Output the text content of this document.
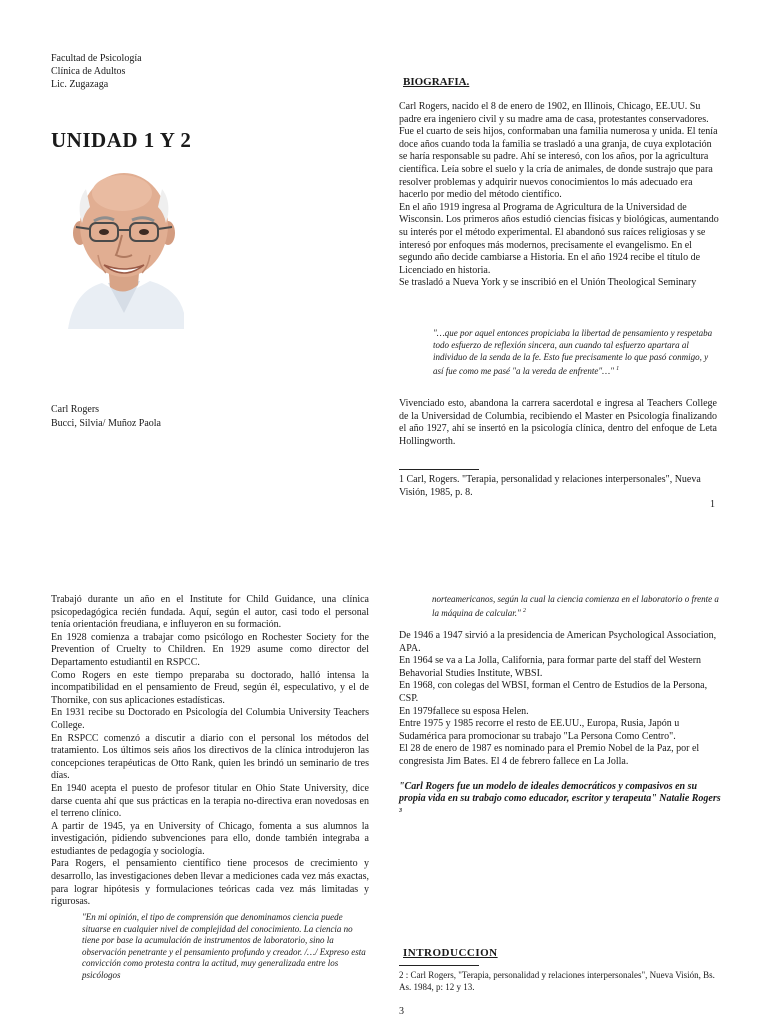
Facultad de Psicología
Clínica de Adultos
Lic. Zugazaga
UNIDAD 1 Y 2
Carl Rogers
Bucci, Silvia/ Muñoz Paola
BIOGRAFIA.

Carl Rogers, nacido el 8 de enero de 1902, en Illinois, Chicago, EE.UU. Su padre era ingeniero civil y su madre ama de casa, protestantes conservadores. Fue el cuarto de seis hijos, conformaban una familia numerosa y unida. El tenía doce años cuando toda la familia se trasladó a una granja, de cuya explotación se haría responsable su padre. Ahí se interesó, con los años, por la agricultura científica. Leía sobre el suelo y la cría de animales, de donde sustrajo que para resolver problemas y adquirir nuevos conocimientos lo más adecuado era hacerlo por medio del método científico.

En el año 1919 ingresa al Programa de Agricultura de la Universidad de Wisconsin. Los primeros años estudió ciencias físicas y biológicas, aumentando su interés por el método experimental. El abandonó sus raíces religiosas y se interesó por enfoques más modernos, precisamente el evangelismo. En el segundo año decide cambiarse a Historia. En el año 1924 recibe el título de Licenciado en historia.

Se trasladó a Nueva York y se inscribió en el Unión Theological Seminary

"…que por aquel entonces propiciaba la libertad de pensamiento y respetaba todo esfuerzo de reflexión sincera, aun cuando tal esfuerzo apartara al individuo de la senda de la fe. Esto fue precisamente lo que pasó conmigo, y así fue como me pasé "a la vereda de enfrente"…" $^1$
Vivenciado esto, abandona la carrera sacerdotal e ingresa al Teachers College de la Universidad de Columbia, recibiendo el Master en Psicología finalizando el año 1927, ahí se insertó en la psicología clínica, dentro del enfoque de Leta Hollingworth.
1 Carl, Rogers. "Terapia, personalidad y relaciones interpersonales", Nueva Visión, 1985, p. 8.
1

Trabajó durante un año en el Institute for Child Guidance, una clínica psicopedagógica recién fundada. Aquí, según el autor, casi todo el personal tenía orientación freudiana, e influyeron en su formación.

En 1928 comienza a trabajar como psicólogo en Rochester Society for the Prevention of Cruelty to Children. En 1929 asume como director del Departamento estudiantil en RSPCC.

Como Rogers en este tiempo preparaba su doctorado, halló intensa la incompatibilidad en el pensamiento de Freud, según él, especulativo, y el de Thornike, con sus aplicaciones estadísticas.

En 1931 recibe su Doctorado en Psicología del Columbia University Teachers College.

En RSPCC comenzó a discutir a diario con el personal los métodos del tratamiento. Los últimos seis años los directivos de la clínica introdujeron las concepciones terapéuticas de Otto Rank, quien les brindó un seminario de tres días.

En 1940 acepta el puesto de profesor titular en Ohio State University, dice darse cuenta ahí que sus prácticas en la terapia no-directiva eran novedosas en el terreno clínico.

A partir de 1945, ya en University of Chicago, fomenta a sus alumnos la investigación, pidiendo subvenciones para ello, donde también integraba a estudiantes de pedagogía y sociología.

Para Rogers, el pensamiento científico tiene procesos de crecimiento y desarrollo, las investigaciones deben llevar a mediciones cada vez más exactas, para lograr hipótesis y formulaciones teóricas cada vez más limitadas y rigurosas.

"En mi opinión, el tipo de comprensión que denominamos ciencia puede situarse en cualquier nivel de complejidad del conocimiento. La ciencia no tiene por base la acumulación de instrumentos de laboratorio, sino la observación penetrante y el pensamiento profundo y creador. /…/ Expreso esta convicción como protesta contra la actitud, muy generalizada entre los psicólogos
norteamericanos, según la cual la ciencia comienza en el laboratorio o frente a la máquina de calcular." $^2$

De 1946 a 1947 sirvió a la presidencia de American Psychological Association, APA.

En 1964 se va a La Jolla, California, para formar parte del staff del Western Behavorial Studies Institute, WBSI.

En 1968, con colegas del WBSI, forman el Centro de Estudios de la Persona, CSP.

En 1979fallece su esposa Helen.

Entre 1975 y 1985 recorre el resto de EE.UU., Europa, Rusia, Japón u Sudamérica para promocionar su trabajo "La Persona Como Centro".

El 28 de enero de 1987 es nominado para el Premio Nobel de la Paz, por el congresista Jim Bates. El 4 de febrero fallece en La Jolla.

"Carl Rogers fue un modelo de ideales democráticos y compasivos en su propia vida en su trabajo como educador, escritor y terapeuta" Natalie Rogers $^3$
INTRODUCCION
2 : Carl Rogers, "Terapia, personalidad y relaciones interpersonales", Nueva Visión, Bs. As. 1984, p: 12 y 13.
3
